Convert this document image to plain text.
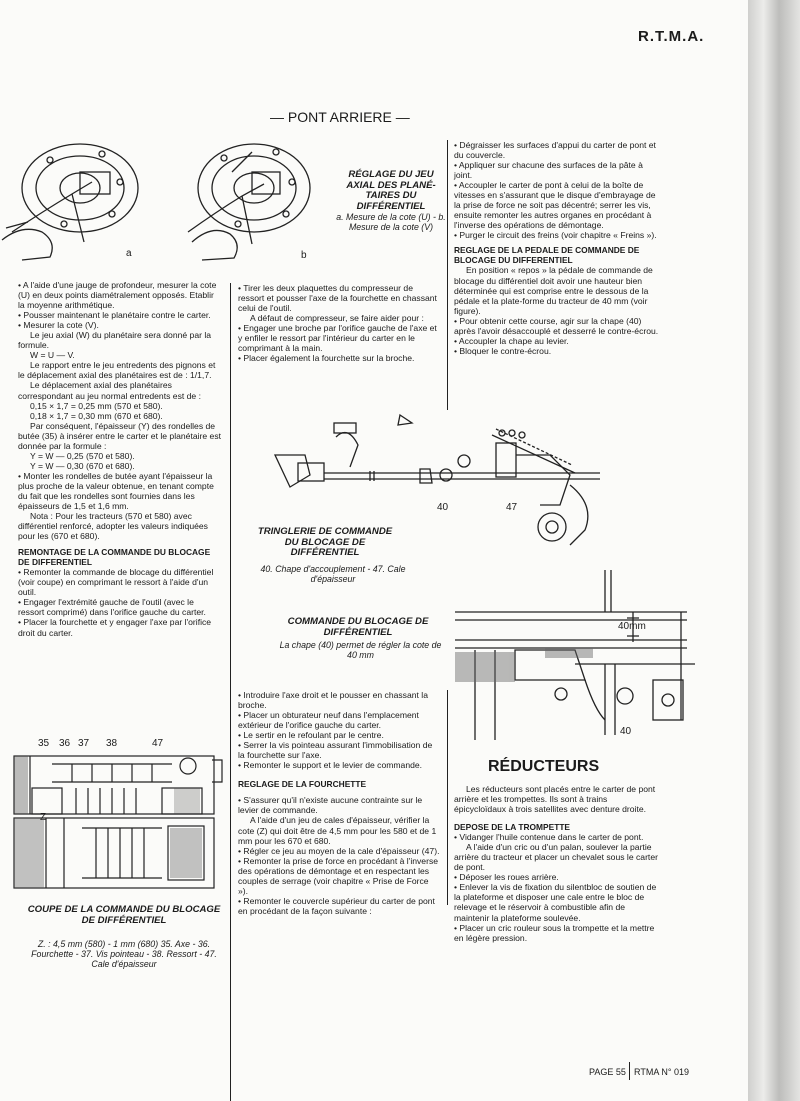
R.T.M.A.
— PONT ARRIERE —
a	b
RÉGLAGE DU JEU AXIAL DES PLANÉ-TAIRES DU DIFFÉRENTIEL
a. Mesure de la cote (U) - b. Mesure de la cote (V)

• A l'aide d'une jauge de profondeur, mesurer la cote (U) en deux points diamétralement opposés. Etablir la moyenne arithmétique.

• Pousser maintenant le planétaire contre le carter.

• Mesurer la cote (V).

Le jeu axial (W) du planétaire sera donné par la formule.

W = U — V.

Le rapport entre le jeu entredents des pignons et le déplacement axial des planétaires est de : 1/1,7.

Le déplacement axial des planétaires correspondant au jeu normal entredents est de :

0,15 × 1,7 = 0,25 mm (570 et 580).

0,18 × 1,7 = 0,30 mm (670 et 680).

Par conséquent, l'épaisseur (Y) des rondelles de butée (35) à insérer entre le carter et le planétaire est donnée par la formule :

Y = W — 0,25 (570 et 580).

Y = W — 0,30 (670 et 680).

• Monter les rondelles de butée ayant l'épaisseur la plus proche de la valeur obtenue, en tenant compte du fait que les rondelles sont fournies dans les épaisseurs de 1,5 et 1,6 mm.

Nota : Pour les tracteurs (570 et 580) avec différentiel renforcé, adopter les valeurs indiquées pour les (670 et 680).

REMONTAGE DE LA COMMANDE DU BLOCAGE DE DIFFERENTIEL

• Remonter la commande de blocage du différentiel (voir coupe) en comprimant le ressort à l'aide d'un outil.

• Engager l'extrémité gauche de l'outil (avec le ressort comprimé) dans l'orifice gauche du carter.

• Placer la fourchette et y engager l'axe par l'orifice droit du carter.

35 36 37 38	47
Z
COUPE DE LA COMMANDE DU BLOCAGE DE DIFFÉRENTIEL
Z. : 4,5 mm (580) - 1 mm (680) 35. Axe - 36. Fourchette - 37. Vis pointeau - 38. Ressort - 47. Cale d'épaisseur

• Tirer les deux plaquettes du compresseur de ressort et pousser l'axe de la fourchette en chassant celui de l'outil.

A défaut de compresseur, se faire aider pour :

• Engager une broche par l'orifice gauche de l'axe et y enfiler le ressort par l'intérieur du carter en le comprimant à la main.

• Placer également la fourchette sur la broche.

• Dégraisser les surfaces d'appui du carter de pont et du couvercle.

• Appliquer sur chacune des surfaces de la pâte à joint.

• Accoupler le carter de pont à celui de la boîte de vitesses en s'assurant que le disque d'embrayage de la prise de force ne soit pas décentré; serrer les vis, ensuite remonter les autres organes en procédant à l'inverse des opérations de démontage.

• Purger le circuit des freins (voir chapitre « Freins »).

REGLAGE DE LA PEDALE DE COMMANDE DE BLOCAGE DU DIFFERENTIEL

En position « repos » la pédale de commande de blocage du différentiel doit avoir une hauteur bien déterminée qui est comprise entre le dessous de la pédale et la plate-forme du tracteur de 40 mm (voir figure).

• Pour obtenir cette course, agir sur la chape (40) après l'avoir désaccouplé et desserré le contre-écrou.

• Accoupler la chape au levier.

• Bloquer le contre-écrou.

40	47
TRINGLERIE DE COMMANDE DU BLOCAGE DE DIFFÉRENTIEL
40. Chape d'accouplement - 47. Cale d'épaisseur
40mm
40
COMMANDE DU BLOCAGE DE DIFFÉRENTIEL
La chape (40) permet de régler la cote de 40 mm

• Introduire l'axe droit et le pousser en chassant la broche.

• Placer un obturateur neuf dans l'emplacement extérieur de l'orifice gauche du carter.

• Le sertir en le refoulant par le centre.

• Serrer la vis pointeau assurant l'immobilisation de la fourchette sur l'axe.

• Remonter le support et le levier de commande.

REGLAGE DE LA FOURCHETTE

• S'assurer qu'il n'existe aucune contrainte sur le levier de commande.

A l'aide d'un jeu de cales d'épaisseur, vérifier la cote (Z) qui doit être de 4,5 mm pour les 580 et de 1 mm pour les 670 et 680.

• Régler ce jeu au moyen de la cale d'épaisseur (47).

• Remonter la prise de force en procédant à l'inverse des opérations de démontage et en respectant les couples de serrage (voir chapitre « Prise de Force »).

• Remonter le couvercle supérieur du carter de pont en procédant de la façon suivante :

RÉDUCTEURS

Les réducteurs sont placés entre le carter de pont arrière et les trompettes. Ils sont à trains épicycloïdaux à trois satellites avec denture droite.

DEPOSE DE LA TROMPETTE

• Vidanger l'huile contenue dans le carter de pont.

A l'aide d'un cric ou d'un palan, soulever la partie arrière du tracteur et placer un chevalet sous le carter de pont.

• Déposer les roues arrière.

• Enlever la vis de fixation du silentbloc de soutien de la plateforme et disposer une cale entre le bloc de relevage et le réservoir à combustible afin de maintenir la plateforme soulevée.

• Placer un cric rouleur sous la trompette et la mettre en légère pression.

PAGE 55 RTMA N° 019
